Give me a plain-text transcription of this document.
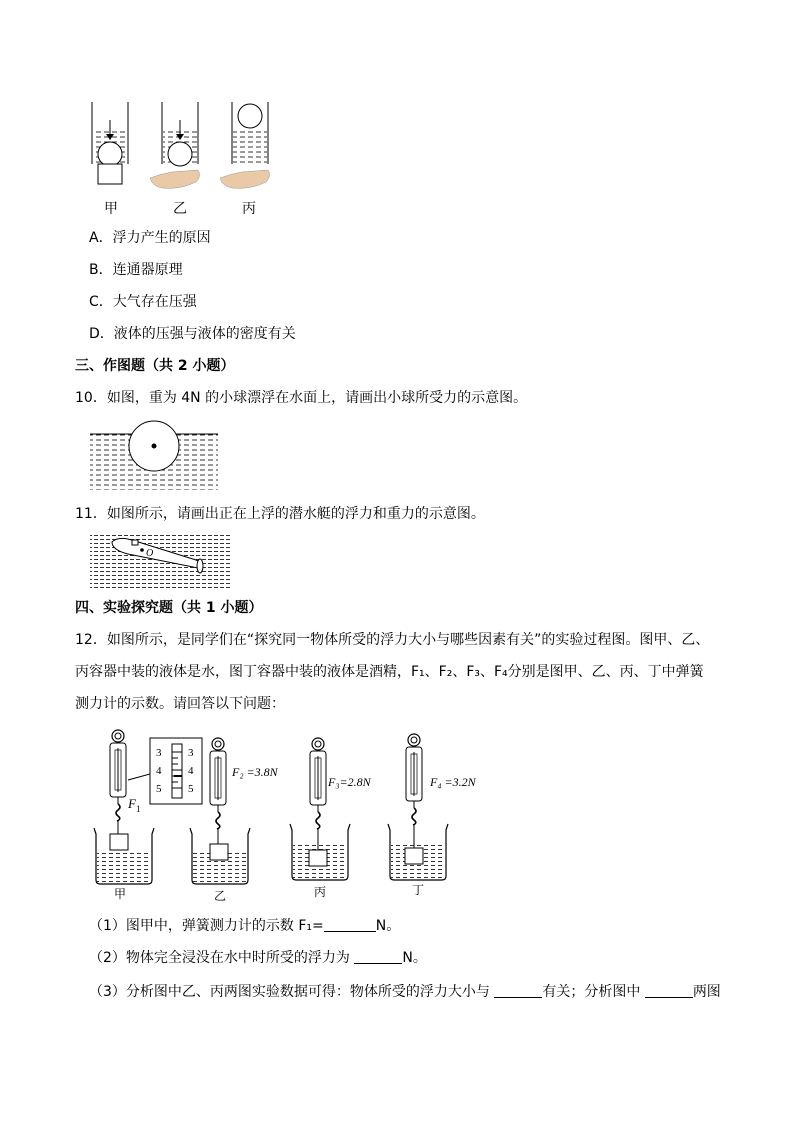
甲	乙	丙
A．浮力产生的原因
B．连通器原理
C．大气存在压强
D．液体的压强与液体的密度有关
三、作图题（共 2 小题）
10．如图，重为 4N 的小球漂浮在水面上，请画出小球所受力的示意图。
11．如图所示，请画出正在上浮的潜水艇的浮力和重力的示意图。
O
四、实验探究题（共 1 小题）
12．如图所示，是同学们在“探究同一物体所受的浮力大小与哪些因素有关”的实验过程图。图甲、乙、
丙容器中装的液体是水，图丁容器中装的液体是酒精，F₁、F₂、F₃、F₄分别是图甲、乙、丙、丁中弹簧
测力计的示数。请回答以下问题：
F 1
3
4
5
3
4
5
F₂ =3.8N
F₃=2.8N	F₄ =3.2N
甲	乙	丙	丁
（1）图甲中，弹簧测力计的示数 F₁=	N。
（2）物体完全浸没在水中时所受的浮力为	N。
（3）分析图中乙、丙两图实验数据可得：物体所受的浮力大小与	有关；分析图中	两图
